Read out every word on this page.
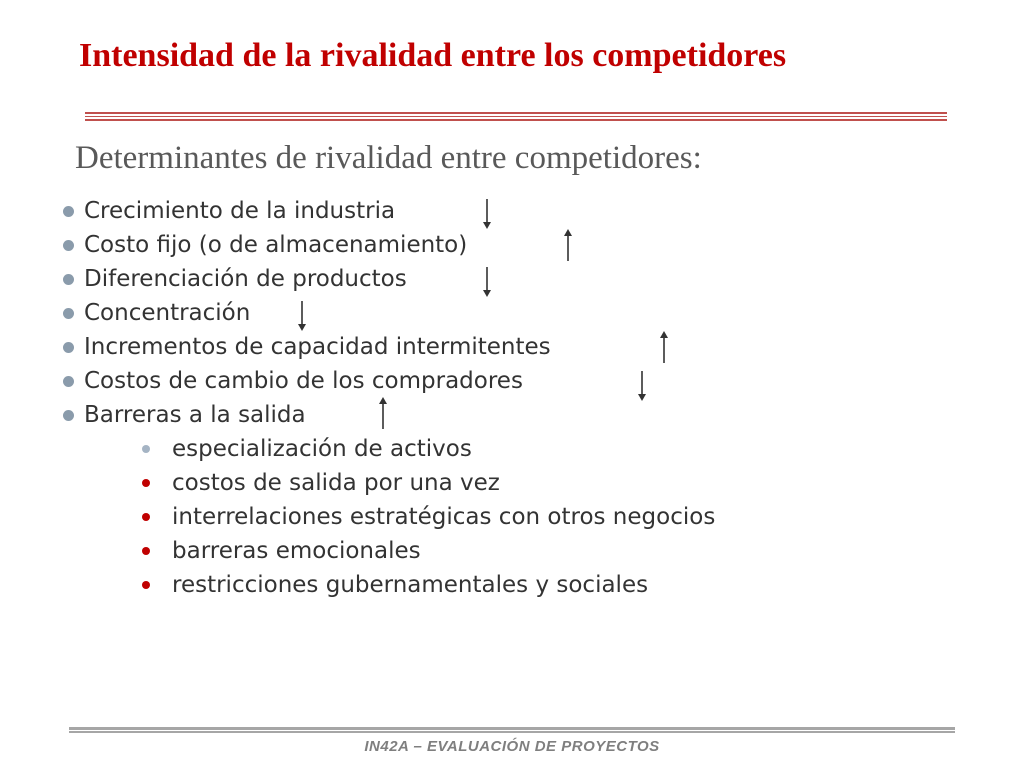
Intensidad de la rivalidad entre los competidores
Determinantes de rivalidad entre competidores:
Crecimiento de la industria
Costo fijo (o de almacenamiento)
Diferenciación de productos
Concentración
Incrementos de capacidad intermitentes
Costos de cambio de los compradores
Barreras a la salida
especialización de activos
costos de salida por una vez
interrelaciones estratégicas con otros negocios
barreras emocionales
restricciones gubernamentales y sociales
IN42A – EVALUACIÓN DE PROYECTOS
